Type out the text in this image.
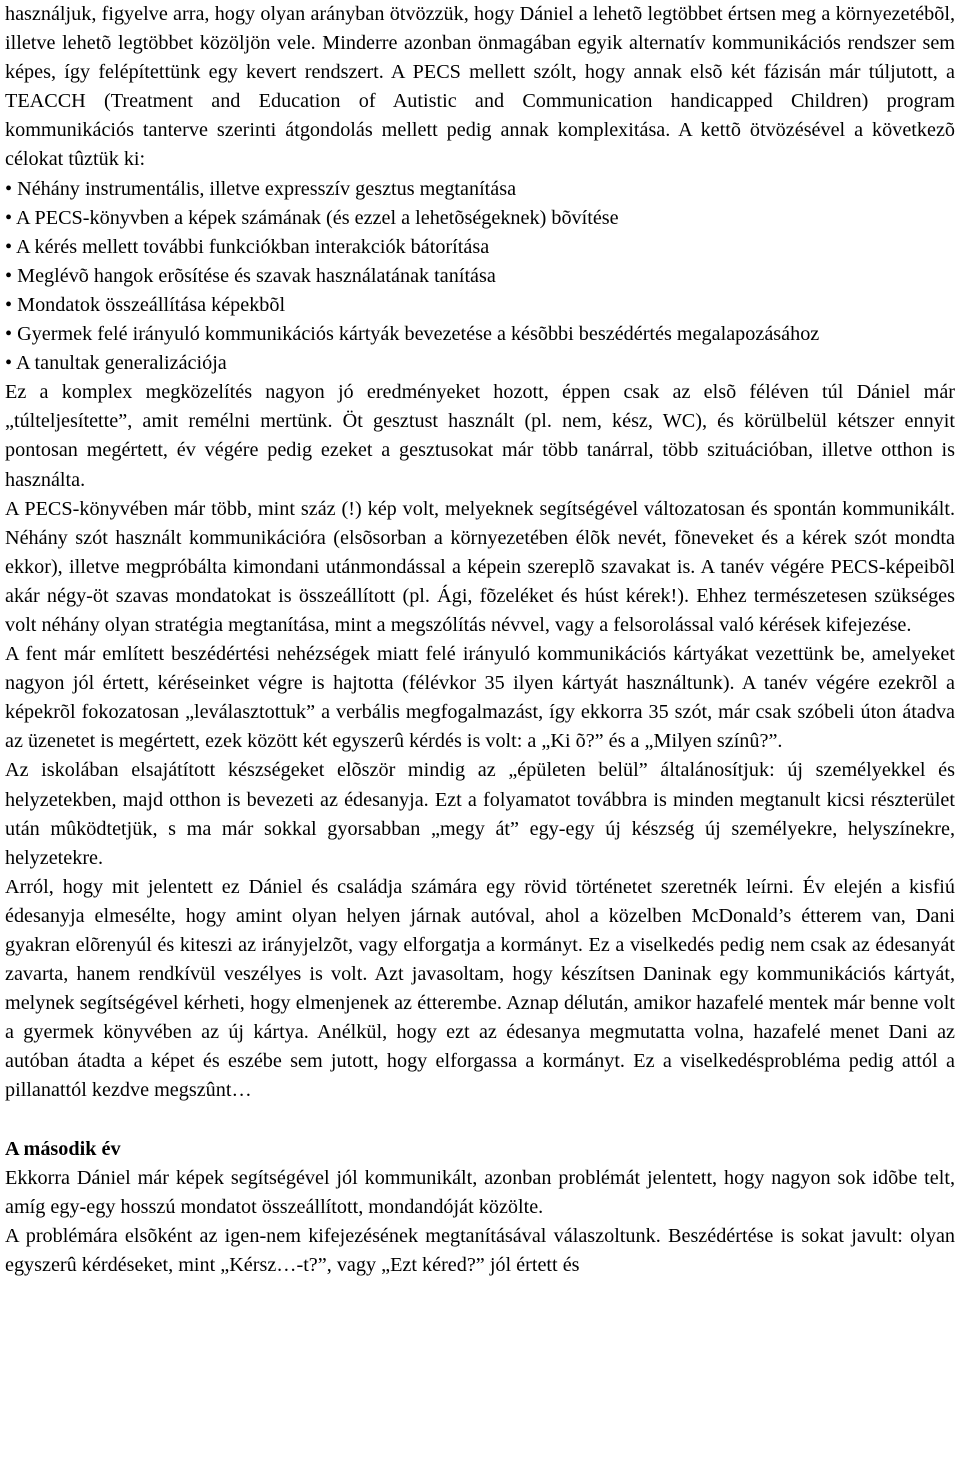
használjuk, figyelve arra, hogy olyan arányban ötvözzük, hogy Dániel a lehetõ legtöbbet értsen meg a környezetébõl, illetve lehetõ legtöbbet közöljön vele. Minderre azonban önmagában egyik alternatív kommunikációs rendszer sem képes, így felépítettünk egy kevert rendszert. A PECS mellett szólt, hogy annak elsõ két fázisán már túljutott, a TEACCH (Treatment and Education of Autistic and Communication handicapped Children) program kommunikációs tanterve szerinti átgondolás mellett pedig annak komplexitása. A kettõ ötvözésével a következõ célokat tûztük ki:

• Néhány instrumentális, illetve expresszív gesztus megtanítása
• A PECS-könyvben a képek számának (és ezzel a lehetõségeknek) bõvítése
• A kérés mellett további funkciókban interakciók bátorítása
• Meglévõ hangok erõsítése és szavak használatának tanítása
• Mondatok összeállítása képekbõl
• Gyermek felé irányuló kommunikációs kártyák bevezetése a késõbbi beszédértés megalapozásához
• A tanultak generalizációja

Ez a komplex megközelítés nagyon jó eredményeket hozott, éppen csak az elsõ féléven túl Dániel már „túlteljesítette”, amit remélni mertünk. Öt gesztust használt (pl. nem, kész, WC), és körülbelül kétszer ennyit pontosan megértett, év végére pedig ezeket a gesztusokat már több tanárral, több szituációban, illetve otthon is használta.

A PECS-könyvében már több, mint száz (!) kép volt, melyeknek segítségével változatosan és spontán kommunikált. Néhány szót használt kommunikációra (elsõsorban a környezetében élõk nevét, fõneveket és a kérek szót mondta ekkor), illetve megpróbálta kimondani utánmondással a képein szereplõ szavakat is. A tanév végére PECS-képeibõl akár négy-öt szavas mondatokat is összeállított (pl. Ági, fõzeléket és húst kérek!). Ehhez természetesen szükséges volt néhány olyan stratégia megtanítása, mint a megszólítás névvel, vagy a felsorolással való kérések kifejezése.

A fent már említett beszédértési nehézségek miatt felé irányuló kommunikációs kártyákat vezettünk be, amelyeket nagyon jól értett, kéréseinket végre is hajtotta (félévkor 35 ilyen kártyát használtunk). A tanév végére ezekrõl a képekrõl fokozatosan „leválasztottuk” a verbális megfogalmazást, így ekkorra 35 szót, már csak szóbeli úton átadva az üzenetet is megértett, ezek között két egyszerû kérdés is volt: a „Ki õ?” és a „Milyen színû?”.

Az iskolában elsajátított készségeket elõször mindig az „épületen belül” általánosítjuk: új személyekkel és helyzetekben, majd otthon is bevezeti az édesanyja. Ezt a folyamatot továbbra is minden megtanult kicsi részterület után mûködtetjük, s ma már sokkal gyorsabban „megy át” egy-egy új készség új személyekre, helyszínekre, helyzetekre.

Arról, hogy mit jelentett ez Dániel és családja számára egy rövid történetet szeretnék leírni. Év elején a kisfiú édesanyja elmesélte, hogy amint olyan helyen járnak autóval, ahol a közelben McDonald’s étterem van, Dani gyakran elõrenyúl és kiteszi az irányjelzõt, vagy elforgatja a kormányt. Ez a viselkedés pedig nem csak az édesanyát zavarta, hanem rendkívül veszélyes is volt. Azt javasoltam, hogy készítsen Daninak egy kommunikációs kártyát, melynek segítségével kérheti, hogy elmenjenek az étterembe. Aznap délután, amikor hazafelé mentek már benne volt a gyermek könyvében az új kártya. Anélkül, hogy ezt az édesanya megmutatta volna, hazafelé menet Dani az autóban átadta a képet és eszébe sem jutott, hogy elforgassa a kormányt. Ez a viselkedésprobléma pedig attól a pillanattól kezdve megszûnt…

A második év

Ekkorra Dániel már képek segítségével jól kommunikált, azonban problémát jelentett, hogy nagyon sok idõbe telt, amíg egy-egy hosszú mondatot összeállított, mondandóját közölte.

A problémára elsõként az igen-nem kifejezésének megtanításával válaszoltunk. Beszédértése is sokat javult: olyan egyszerû kérdéseket, mint „Kérsz…-t?”, vagy „Ezt kéred?” jól értett és
